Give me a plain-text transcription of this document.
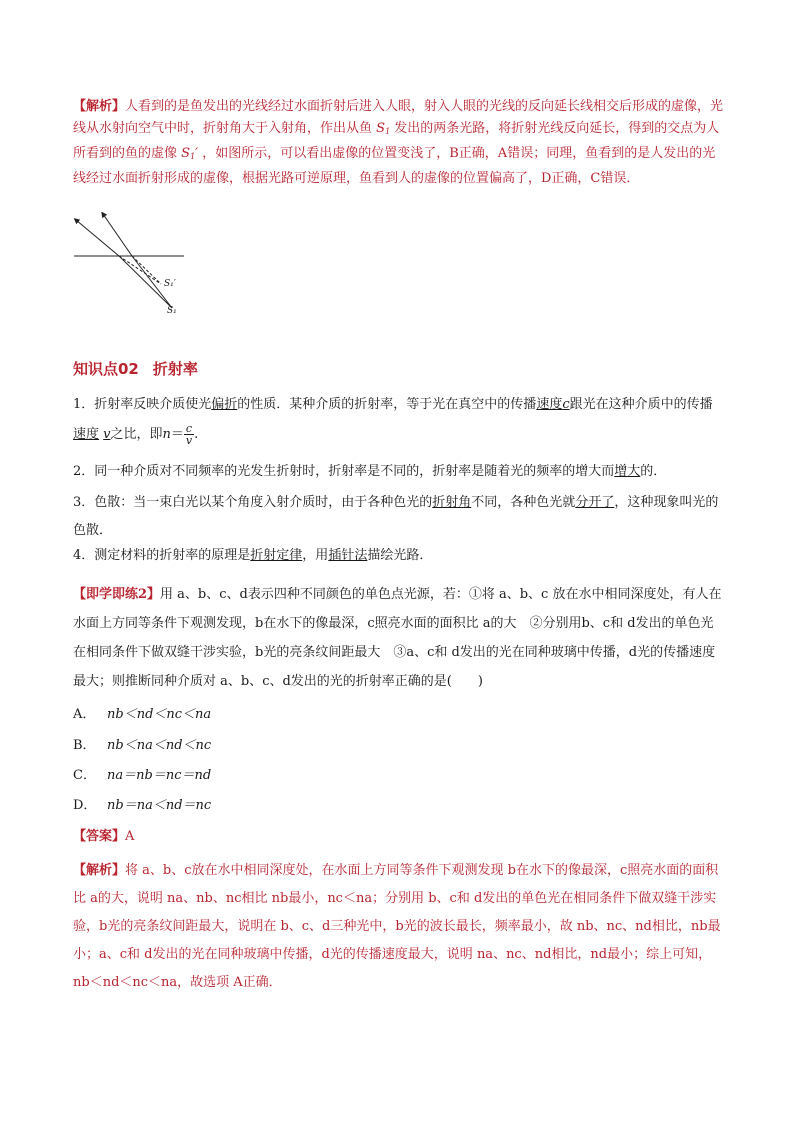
【解析】人看到的是鱼发出的光线经过水面折射后进入人眼，射入人眼的光线的反向延长线相交后形成的虚像，光线从水射向空气中时，折射角大于入射角，作出从鱼 $S_1$ 发出的两条光路，将折射光线反向延长，得到的交点为人所看到的鱼的虚像 $S_1'$ ，如图所示，可以看出虚像的位置变浅了，B正确，A错误；同理，鱼看到的是人发出的光线经过水面折射形成的虚像，根据光路可逆原理，鱼看到人的虚像的位置偏高了，D正确，C错误．
S₁′
S₁
知识点02 折射率
1．折射率反映介质使光偏折的性质．某种介质的折射率，等于光在真空中的传播速度c跟光在这种介质中的传播速度 v之比，即$n= \frac{c}{v}$ .
2．同一种介质对不同频率的光发生折射时，折射率是不同的，折射率是随着光的频率的增大而增大的．
3．色散：当一束白光以某个角度入射介质时，由于各种色光的折射角不同，各种色光就分开了，这种现象叫光的色散．
4．测定材料的折射率的原理是折射定律，用插针法描绘光路．
【即学即练2】用 a、b、c、d表示四种不同颜色的单色点光源，若：①将 a、b、c 放在水中相同深度处，有人在水面上方同等条件下观测发现，b在水下的像最深，c照亮水面的面积比 a的大　②分别用b、c和 d发出的单色光在相同条件下做双缝干涉实验，b光的亮条纹间距最大　③a、c和 d发出的光在同种玻璃中传播，d光的传播速度最大；则推断同种介质对 a、b、c、d发出的光的折射率正确的是(　　)
A． nb＜nd＜nc＜na
B． nb＜na＜nd＜nc
C． na＝nb＝nc＝nd
D． nb＝na＜nd＝nc
【答案】A
【解析】将 a、b、c放在水中相同深度处，在水面上方同等条件下观测发现 b在水下的像最深，c照亮水面的面积比 a的大，说明 na、nb、nc相比 nb最小，nc＜na；分别用 b、c和 d发出的单色光在相同条件下做双缝干涉实验，b光的亮条纹间距最大，说明在 b、c、d三种光中，b光的波长最长，频率最小，故 nb、nc、nd相比，nb最小；a、c和 d发出的光在同种玻璃中传播，d光的传播速度最大，说明 na、nc、nd相比，nd最小；综上可知，nb＜nd＜nc＜na，故选项 A正确．
